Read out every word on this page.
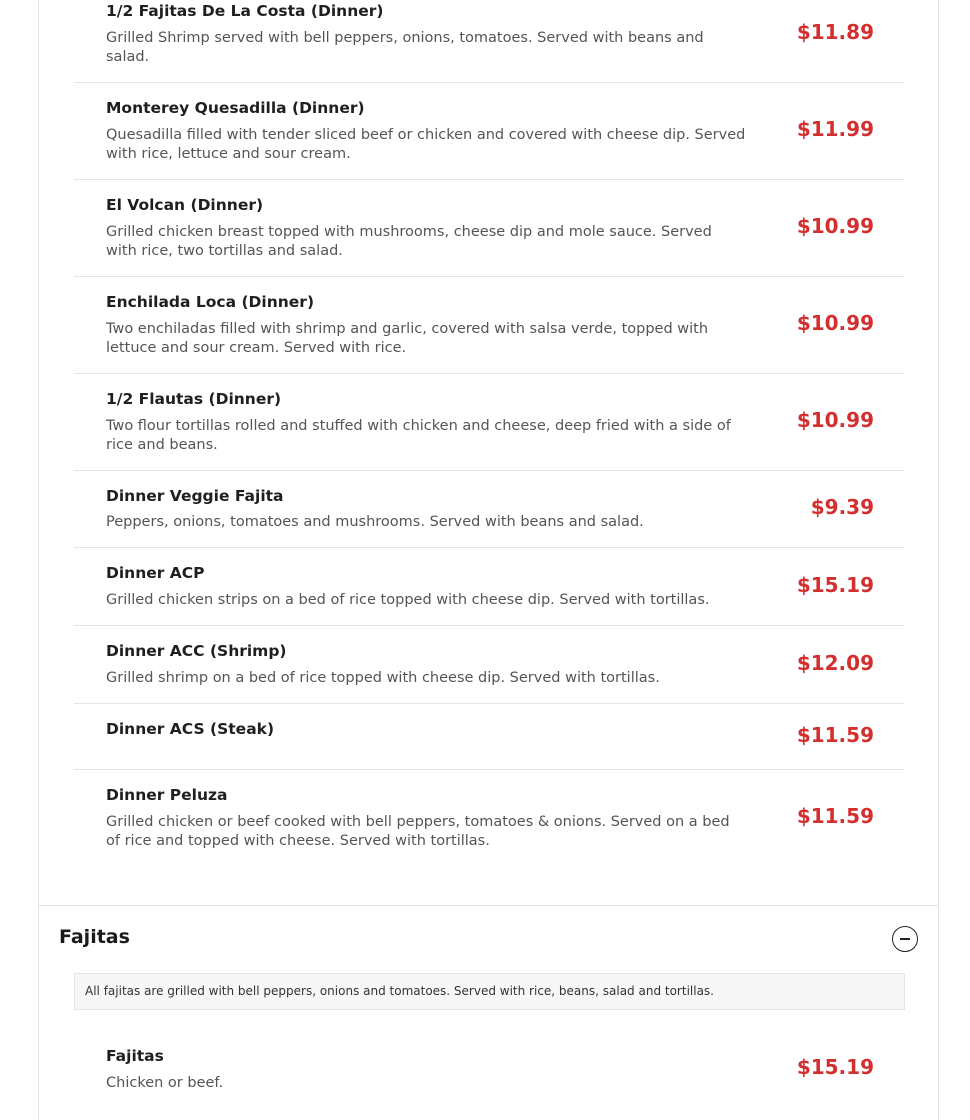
1/2 Fajitas De La Costa (Dinner)
Grilled Shrimp served with bell peppers, onions, tomatoes. Served with beans and salad.
$11.89
Monterey Quesadilla (Dinner)
Quesadilla filled with tender sliced beef or chicken and covered with cheese dip. Served with rice, lettuce and sour cream.
$11.99
El Volcan (Dinner)
Grilled chicken breast topped with mushrooms, cheese dip and mole sauce. Served with rice, two tortillas and salad.
$10.99
Enchilada Loca (Dinner)
Two enchiladas filled with shrimp and garlic, covered with salsa verde, topped with lettuce and sour cream. Served with rice.
$10.99
1/2 Flautas (Dinner)
Two flour tortillas rolled and stuffed with chicken and cheese, deep fried with a side of rice and beans.
$10.99
Dinner Veggie Fajita
Peppers, onions, tomatoes and mushrooms. Served with beans and salad.
$9.39
Dinner ACP
Grilled chicken strips on a bed of rice topped with cheese dip. Served with tortillas.
$15.19
Dinner ACC (Shrimp)
Grilled shrimp on a bed of rice topped with cheese dip. Served with tortillas.
$12.09
Dinner ACS (Steak)	$11.59
Dinner Peluza
Grilled chicken or beef cooked with bell peppers, tomatoes & onions. Served on a bed of rice and topped with cheese. Served with tortillas.
$11.59
Fajitas
All fajitas are grilled with bell peppers, onions and tomatoes. Served with rice, beans, salad and tortillas.
Fajitas
Chicken or beef.
$15.19
